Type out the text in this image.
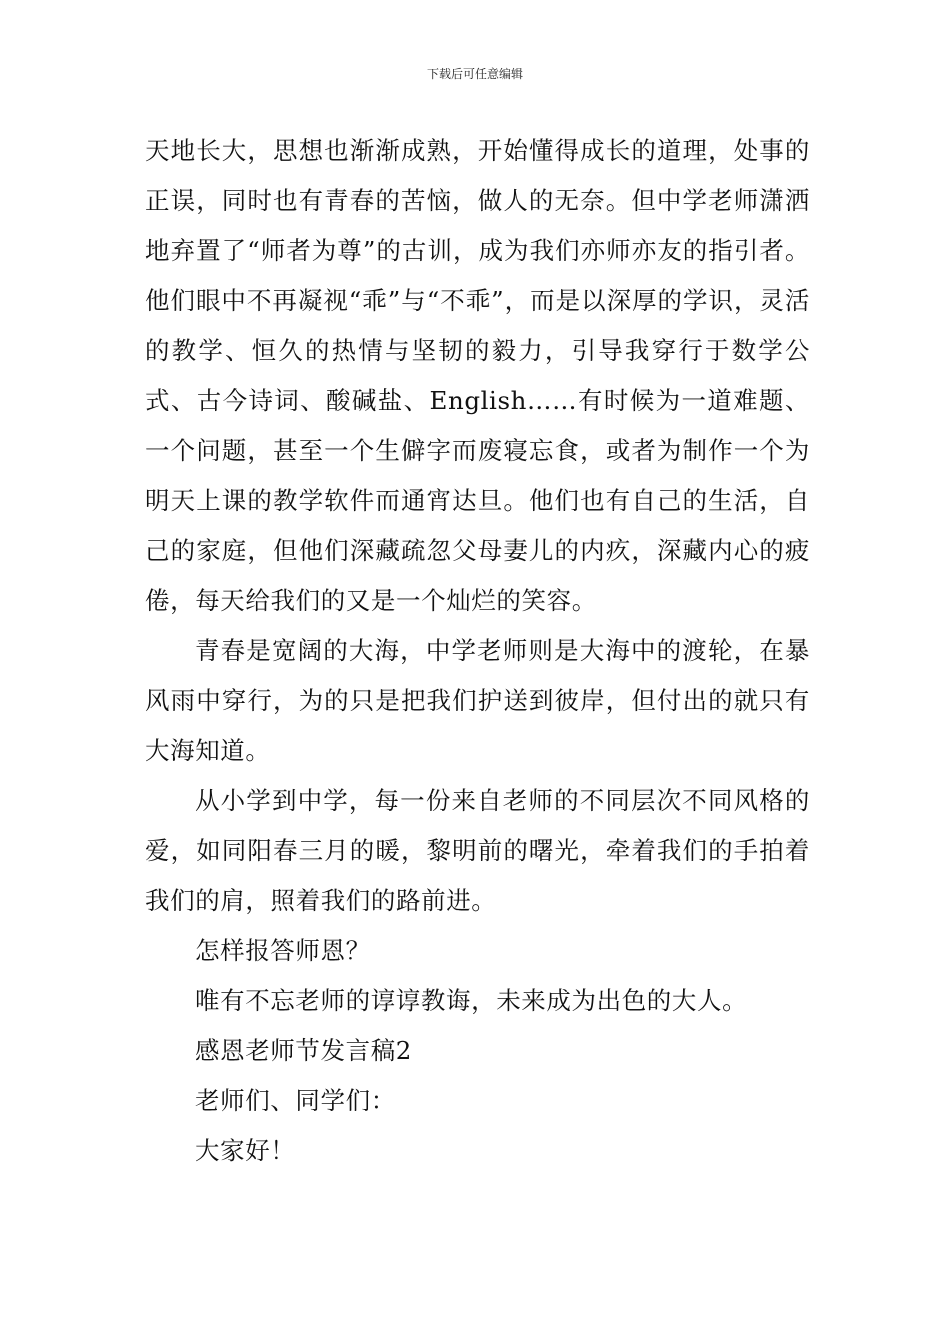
下载后可任意编辑

天地长大，思想也渐渐成熟，开始懂得成长的道理，处事的正误，同时也有青春的苦恼，做人的无奈。但中学老师潇洒地弃置了“师者为尊”的古训，成为我们亦师亦友的指引者。他们眼中不再凝视“乖”与“不乖”，而是以深厚的学识，灵活的教学、恒久的热情与坚韧的毅力，引导我穿行于数学公式、古今诗词、酸碱盐、English……有时候为一道难题、一个问题，甚至一个生僻字而废寝忘食，或者为制作一个为明天上课的教学软件而通宵达旦。他们也有自己的生活，自己的家庭，但他们深藏疏忽父母妻儿的内疚，深藏内心的疲倦，每天给我们的又是一个灿烂的笑容。

青春是宽阔的大海，中学老师则是大海中的渡轮，在暴风雨中穿行，为的只是把我们护送到彼岸，但付出的就只有大海知道。

从小学到中学，每一份来自老师的不同层次不同风格的爱，如同阳春三月的暖，黎明前的曙光，牵着我们的手拍着我们的肩，照着我们的路前进。

怎样报答师恩？

唯有不忘老师的谆谆教诲，未来成为出色的大人。

感恩老师节发言稿2

老师们、同学们：

大家好！
